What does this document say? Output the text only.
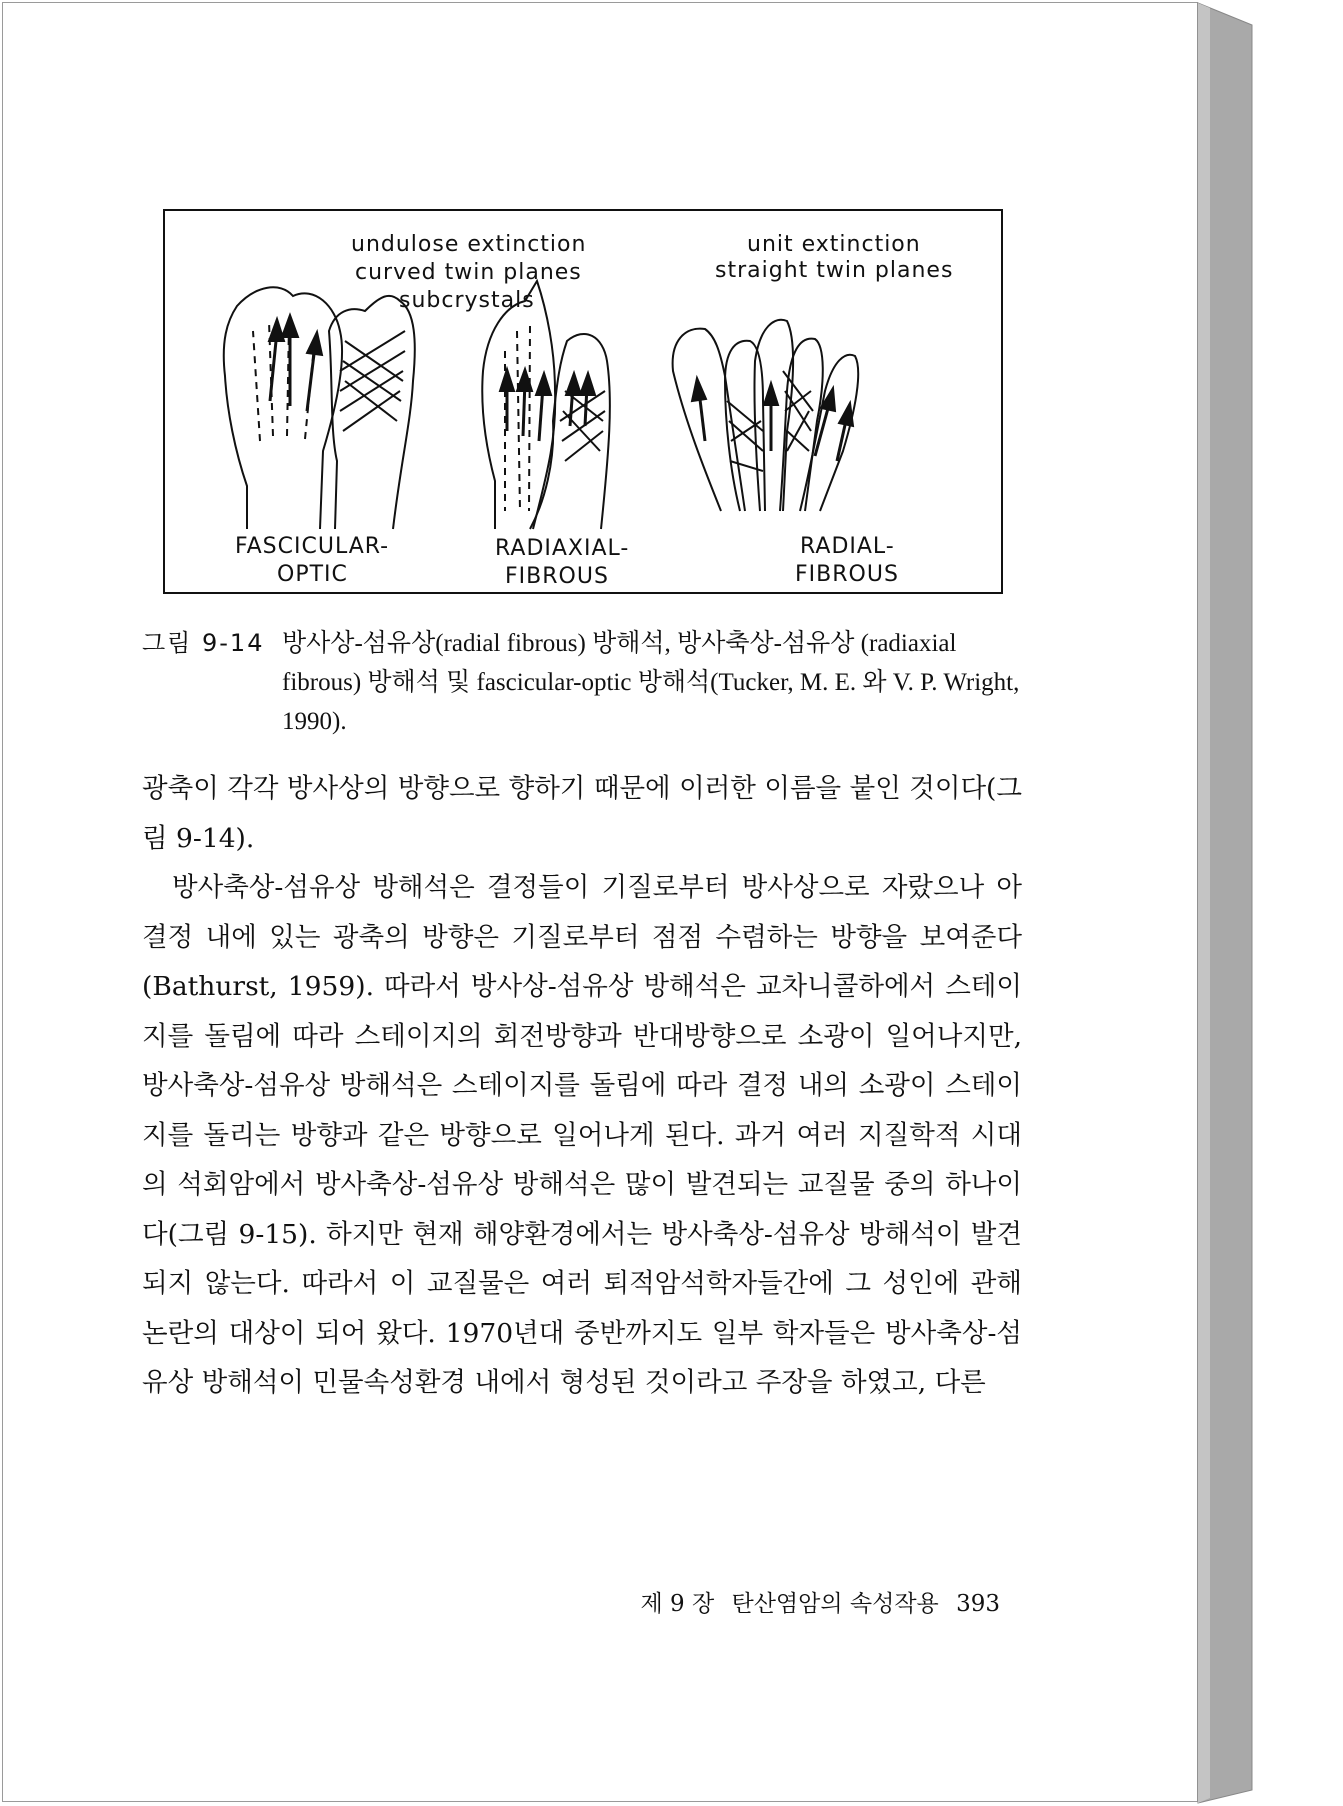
undulose extinction
curved twin planes
subcrystals
unit extinction
straight twin planes
FASCICULAR-
OPTIC
RADIAXIAL-
FIBROUS
RADIAL-
FIBROUS
그림 9-14 방사상-섬유상(radial fibrous) 방해석, 방사축상-섬유상 (radiaxial fibrous) 방해석 및 fascicular-optic 방해석(Tucker, M. E. 와 V. P. Wright, 1990).

광축이 각각 방사상의 방향으로 향하기 때문에 이러한 이름을 붙인 것이다(그림 9-14).

방사축상-섬유상 방해석은 결정들이 기질로부터 방사상으로 자랐으나 아결정 내에 있는 광축의 방향은 기질로부터 점점 수렴하는 방향을 보여준다(Bathurst, 1959). 따라서 방사상-섬유상 방해석은 교차니콜하에서 스테이지를 돌림에 따라 스테이지의 회전방향과 반대방향으로 소광이 일어나지만, 방사축상-섬유상 방해석은 스테이지를 돌림에 따라 결정 내의 소광이 스테이지를 돌리는 방향과 같은 방향으로 일어나게 된다. 과거 여러 지질학적 시대의 석회암에서 방사축상-섬유상 방해석은 많이 발견되는 교질물 중의 하나이다(그림 9-15). 하지만 현재 해양환경에서는 방사축상-섬유상 방해석이 발견되지 않는다. 따라서 이 교질물은 여러 퇴적암석학자들간에 그 성인에 관해 논란의 대상이 되어 왔다. 1970년대 중반까지도 일부 학자들은 방사축상-섬유상 방해석이 민물속성환경 내에서 형성된 것이라고 주장을 하였고, 다른

제 9 장 탄산염암의 속성작용 393
